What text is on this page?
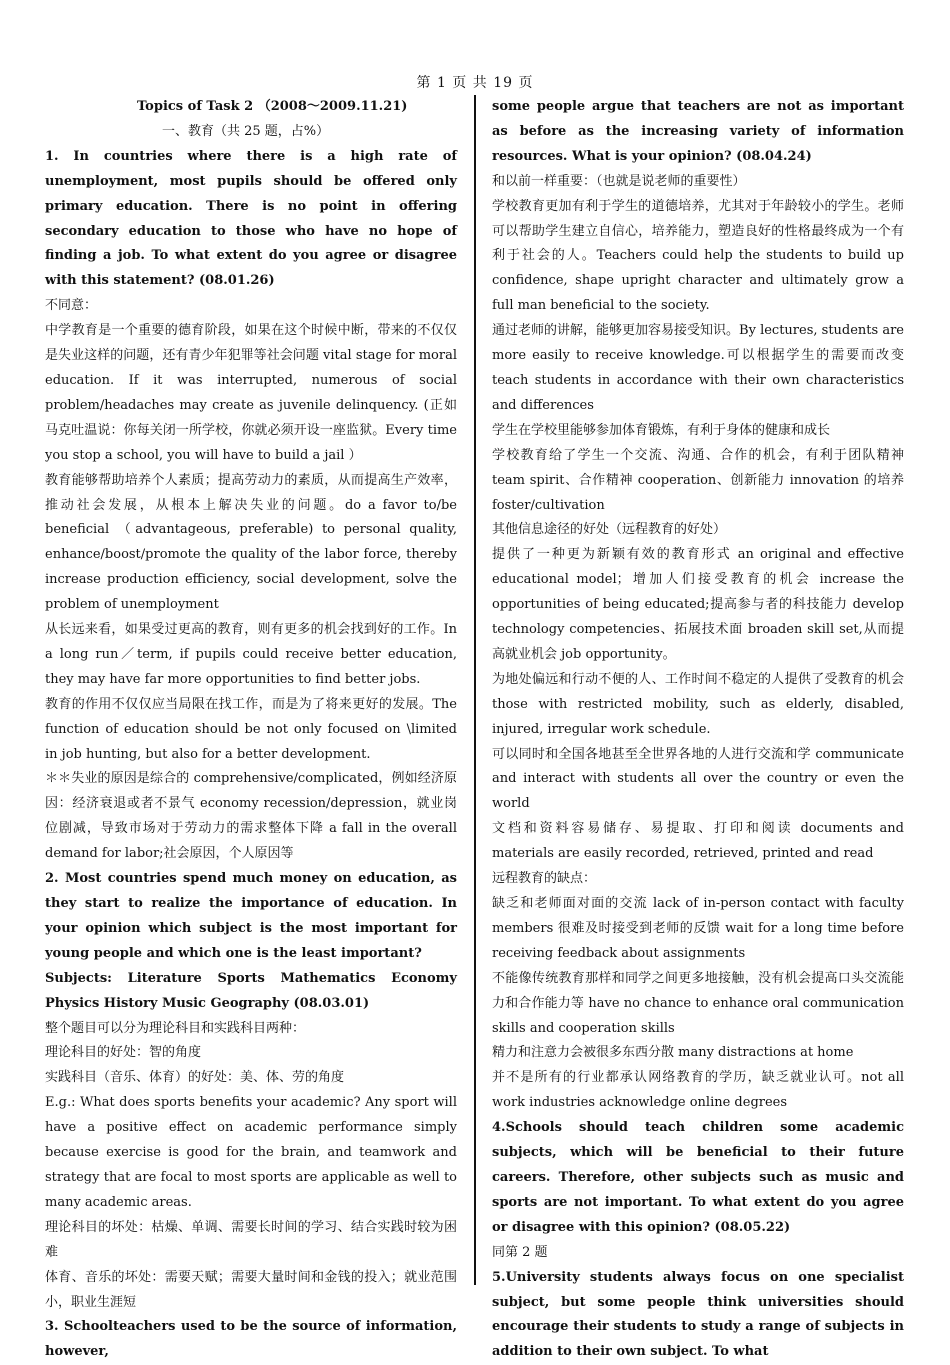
第 1 页 共 19 页
Topics of Task 2 （2008～2009.11.21)
一、教育（共 25 题，占%）
1. In countries where there is a high rate of unemployment, most pupils should be offered only primary education. There is no point in offering secondary education to those who have no hope of finding a job. To what extent do you agree or disagree with this statement? (08.01.26)
不同意：
中学教育是一个重要的德育阶段，如果在这个时候中断，带来的不仅仅是失业这样的问题，还有青少年犯罪等社会问题 vital stage for moral education. If it was interrupted, numerous of social problem/headaches may create as juvenile delinquency. (正如马克吐温说：你每关闭一所学校，你就必须开设一座监狱。Every time you stop a school, you will have to build a jail ）
教育能够帮助培养个人素质；提高劳动力的素质，从而提高生产效率，推动社会发展，从根本上解决失业的问题。do a favor to/be beneficial （advantageous, preferable) to personal quality, enhance/boost/promote the quality of the labor force, thereby increase production efficiency, social development, solve the problem of unemployment
从长远来看，如果受过更高的教育，则有更多的机会找到好的工作。In a long run／term, if pupils could receive better education, they may have far more opportunities to find better jobs.
教育的作用不仅仅应当局限在找工作，而是为了将来更好的发展。The function of education should be not only focused on \limited in job hunting, but also for a better development.
＊＊失业的原因是综合的 comprehensive/complicated，例如经济原因：经济衰退或者不景气 economy recession/depression，就业岗位剧减，导致市场对于劳动力的需求整体下降 a fall in the overall demand for labor;社会原因，个人原因等
2. Most countries spend much money on education, as they start to realize the importance of education. In your opinion which subject is the most important for young people and which one is the least important?
Subjects: Literature Sports Mathematics Economy Physics History Music Geography (08.03.01)
整个题目可以分为理论科目和实践科目两种：
理论科目的好处：智的角度
实践科目（音乐、体育）的好处：美、体、劳的角度
E.g.: What does sports benefits your academic? Any sport will have a positive effect on academic performance simply because exercise is good for the brain, and teamwork and strategy that are focal to most sports are applicable as well to many academic areas.
理论科目的坏处：枯燥、单调、需要长时间的学习、结合实践时较为困难
体育、音乐的坏处：需要天赋；需要大量时间和金钱的投入；就业范围小，职业生涯短
3. Schoolteachers used to be the source of information, however,
some people argue that teachers are not as important as before as the increasing variety of information resources. What is your opinion? (08.04.24)
和以前一样重要：（也就是说老师的重要性）
学校教育更加有利于学生的道德培养，尤其对于年龄较小的学生。老师可以帮助学生建立自信心，培养能力，塑造良好的性格最终成为一个有利于社会的人。Teachers could help the students to build up confidence, shape upright character and ultimately grow a full man beneficial to the society.
通过老师的讲解，能够更加容易接受知识。By lectures, students are more easily to receive knowledge.可以根据学生的需要而改变 teach students in accordance with their own characteristics and differences
学生在学校里能够参加体育锻炼，有利于身体的健康和成长
学校教育给了学生一个交流、沟通、合作的机会，有利于团队精神 team spirit、合作精神 cooperation、创新能力 innovation 的培养 foster/cultivation
其他信息途径的好处（远程教育的好处）
提供了一种更为新颖有效的教育形式 an original and effective educational model；增加人们接受教育的机会 increase the opportunities of being educated;提高参与者的科技能力 develop technology competencies、拓展技术面 broaden skill set,从而提高就业机会 job opportunity。
为地处偏远和行动不便的人、工作时间不稳定的人提供了受教育的机会 those with restricted mobility, such as elderly, disabled, injured, irregular work schedule.
可以同时和全国各地甚至全世界各地的人进行交流和学 communicate and interact with students all over the country or even the world
文档和资料容易储存、易提取、打印和阅读 documents and materials are easily recorded, retrieved, printed and read
远程教育的缺点：
缺乏和老师面对面的交流 lack of in-person contact with faculty members 很难及时接受到老师的反馈 wait for a long time before receiving feedback about assignments
不能像传统教育那样和同学之间更多地接触，没有机会提高口头交流能力和合作能力等 have no chance to enhance oral communication skills and cooperation skills
精力和注意力会被很多东西分散 many distractions at home
并不是所有的行业都承认网络教育的学历，缺乏就业认可。not all work industries acknowledge online degrees
4.Schools should teach children some academic subjects, which will be beneficial to their future careers. Therefore, other subjects such as music and sports are not important. To what extent do you agree or disagree with this opinion? (08.05.22)
同第 2 题
5.University students always focus on one specialist subject, but some people think universities should encourage their students to study a range of subjects in addition to their own subject. To what
